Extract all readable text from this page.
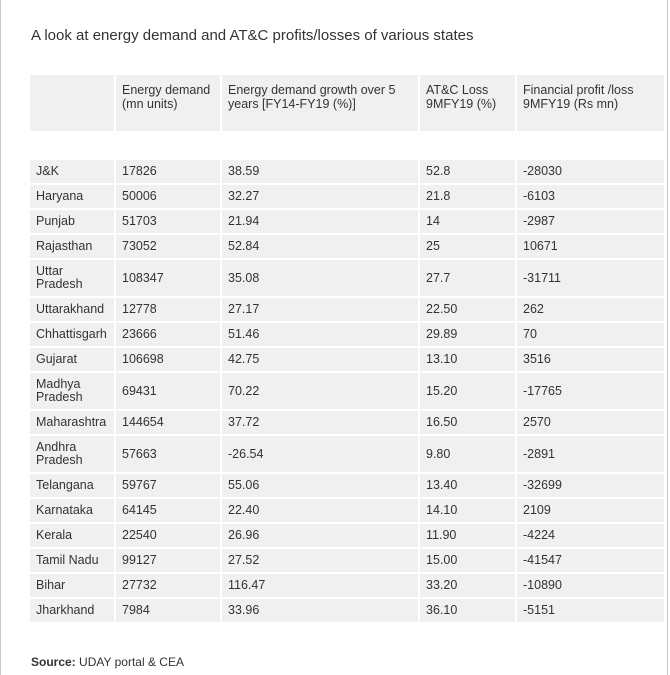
A look at energy demand and AT&C profits/losses of various states
	Energy demand (mn units)	Energy demand growth over 5 years [FY14-FY19 (%)]	AT&C Loss 9MFY19 (%)	Financial profit /loss 9MFY19 (Rs mn)

J&K	17826	38.59	52.8	-28030
Haryana	50006	32.27	21.8	-6103
Punjab	51703	21.94	14	-2987
Rajasthan	73052	52.84	25	10671
Uttar Pradesh	108347	35.08	27.7	-31711
Uttarakhand	12778	27.17	22.50	262
Chhattisgarh	23666	51.46	29.89	70
Gujarat	106698	42.75	13.10	3516
Madhya Pradesh	69431	70.22	15.20	-17765
Maharashtra	144654	37.72	16.50	2570
Andhra Pradesh	57663	-26.54	9.80	-2891
Telangana	59767	55.06	13.40	-32699
Karnataka	64145	22.40	14.10	2109
Kerala	22540	26.96	11.90	-4224
Tamil Nadu	99127	27.52	15.00	-41547
Bihar	27732	116.47	33.20	-10890
Jharkhand	7984	33.96	36.10	-5151
Source: UDAY portal & CEA
